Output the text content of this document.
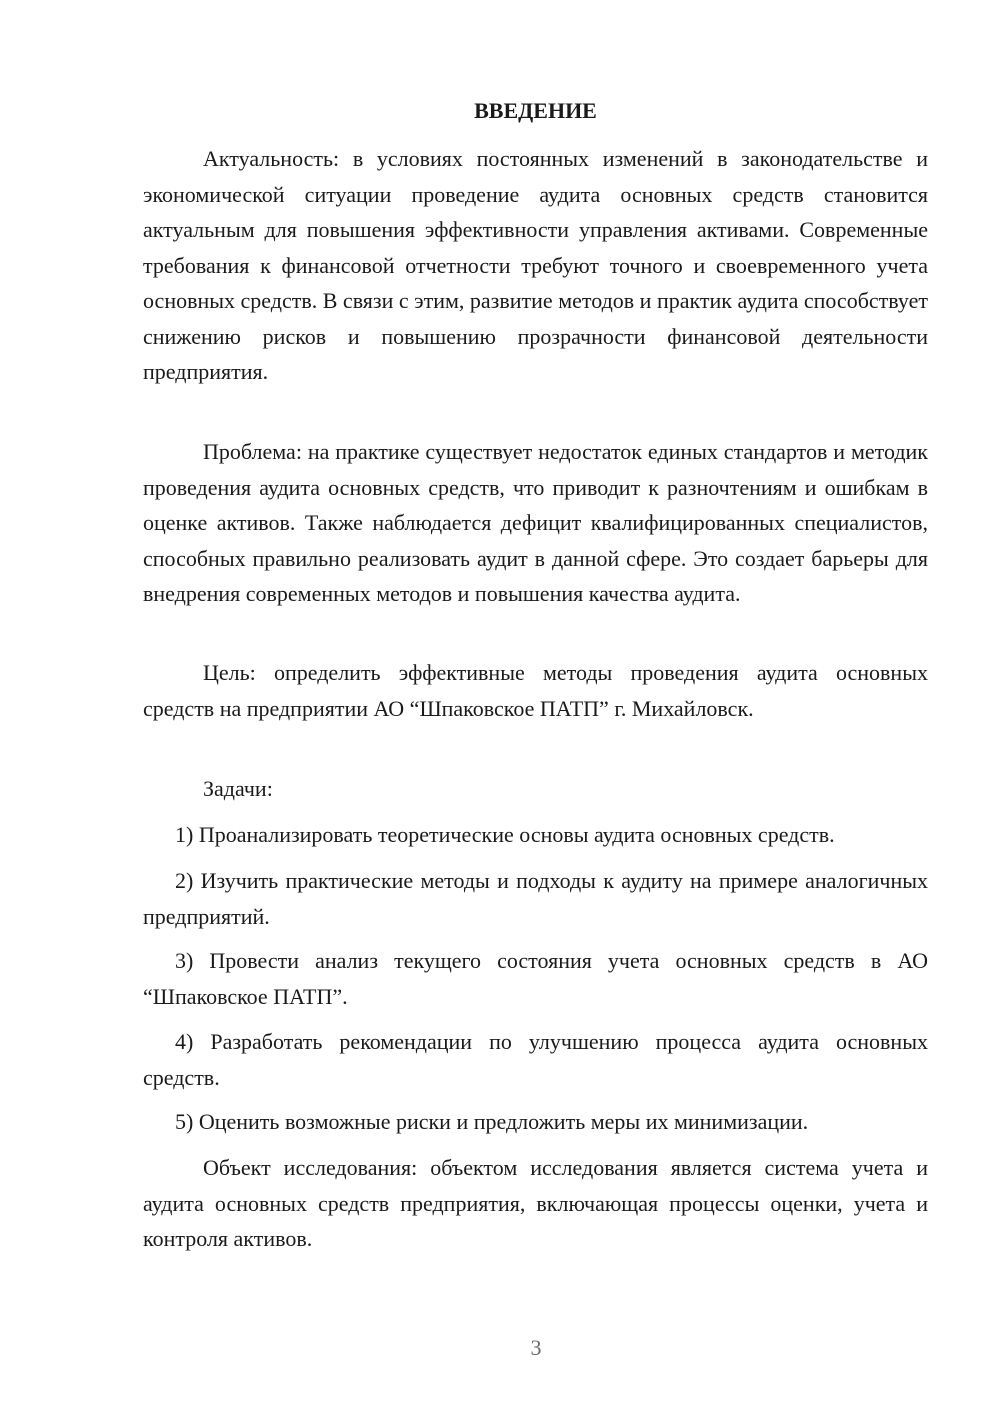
ВВЕДЕНИЕ

Актуальность: в условиях постоянных изменений в законодательстве и экономической ситуации проведение аудита основных средств становится актуальным для повышения эффективности управления активами. Современные требования к финансовой отчетности требуют точного и своевременного учета основных средств. В связи с этим, развитие методов и практик аудита способствует снижению рисков и повышению прозрачности финансовой деятельности предприятия.

Проблема: на практике существует недостаток единых стандартов и методик проведения аудита основных средств, что приводит к разночтениям и ошибкам в оценке активов. Также наблюдается дефицит квалифицированных специалистов, способных правильно реализовать аудит в данной сфере. Это создает барьеры для внедрения современных методов и повышения качества аудита.

Цель: определить эффективные методы проведения аудита основных средств на предприятии АО “Шпаковское ПАТП” г. Михайловск.

Задачи:

1) Проанализировать теоретические основы аудита основных средств.

2) Изучить практические методы и подходы к аудиту на примере аналогичных предприятий.

3) Провести анализ текущего состояния учета основных средств в АО “Шпаковское ПАТП”.

4) Разработать рекомендации по улучшению процесса аудита основных средств.

5) Оценить возможные риски и предложить меры их минимизации.

Объект исследования: объектом исследования является система учета и аудита основных средств предприятия, включающая процессы оценки, учета и контроля активов.

3
